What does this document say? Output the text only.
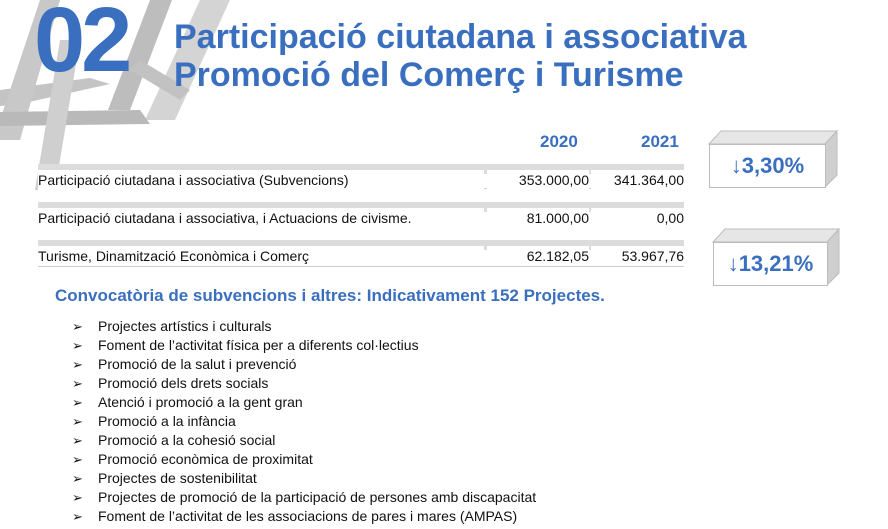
02 Participació ciutadana i associativa
Promoció del Comerç i Turisme
2020	2021
Participació ciutadana i associativa (Subvencions)	353.000,00	341.364,00
Participació ciutadana i associativa, i Actuacions de civisme.	81.000,00	0,00
Turisme, Dinamització Econòmica i Comerç	62.182,05	53.967,76
↓3,30%
↓13,21%
Convocatòria de subvencions i altres: Indicativament 152 Projectes.
➢ Projectes artístics i culturals
➢ Foment de l’activitat física per a diferents col·lectius
➢ Promoció de la salut i prevenció
➢ Promoció dels drets socials
➢ Atenció i promoció a la gent gran
➢ Promoció a la infància
➢ Promoció a la cohesió social
➢ Promoció econòmica de proximitat
➢ Projectes de sostenibilitat
➢ Projectes de promoció de la participació de persones amb discapacitat
➢ Foment de l’activitat de les associacions de pares i mares (AMPAS)
